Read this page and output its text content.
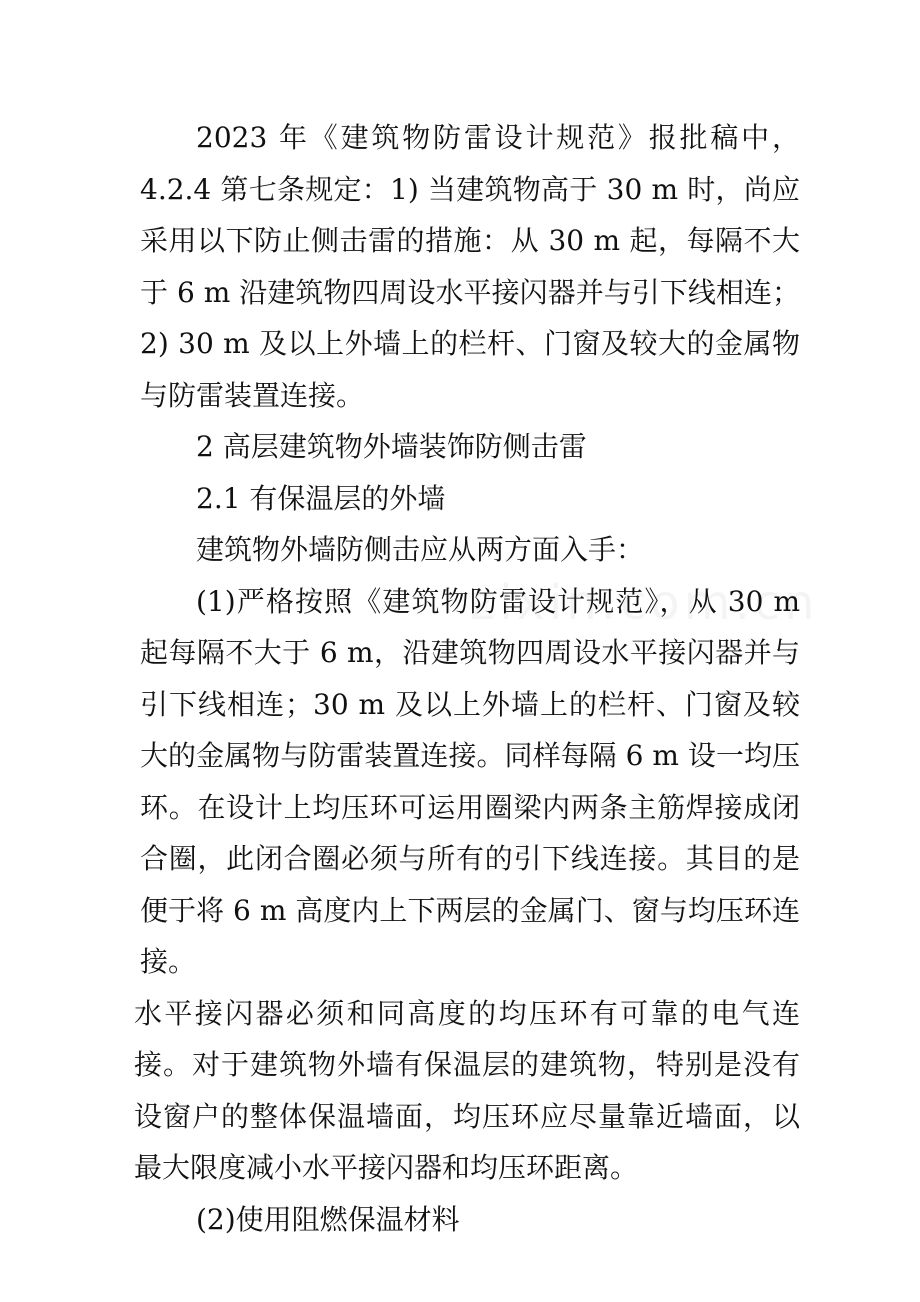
2023 年《建筑物防雷设计规范》报批稿中，4.2.4 第七条规定：1) 当建筑物高于 30 m 时，尚应采用以下防止侧击雷的措施：从 30 m 起，每隔不大于 6 m 沿建筑物四周设水平接闪器并与引下线相连；2) 30 m 及以上外墙上的栏杆、门窗及较大的金属物与防雷装置连接。

2 高层建筑物外墙装饰防侧击雷

2.1 有保温层的外墙

建筑物外墙防侧击应从两方面入手：

(1)严格按照《建筑物防雷设计规范》，从 30 m起每隔不大于 6 m，沿建筑物四周设水平接闪器并与引下线相连；30 m 及以上外墙上的栏杆、门窗及较大的金属物与防雷装置连接。同样每隔 6 m 设一均压环。在设计上均压环可运用圈梁内两条主筋焊接成闭合圈，此闭合圈必须与所有的引下线连接。其目的是便于将 6 m 高度内上下两层的金属门、窗与均压环连接。

水平接闪器必须和同高度的均压环有可靠的电气连接。对于建筑物外墙有保温层的建筑物，特别是没有设窗户的整体保温墙面，均压环应尽量靠近墙面，以最大限度减小水平接闪器和均压环距离。

(2)使用阻燃保温材料
